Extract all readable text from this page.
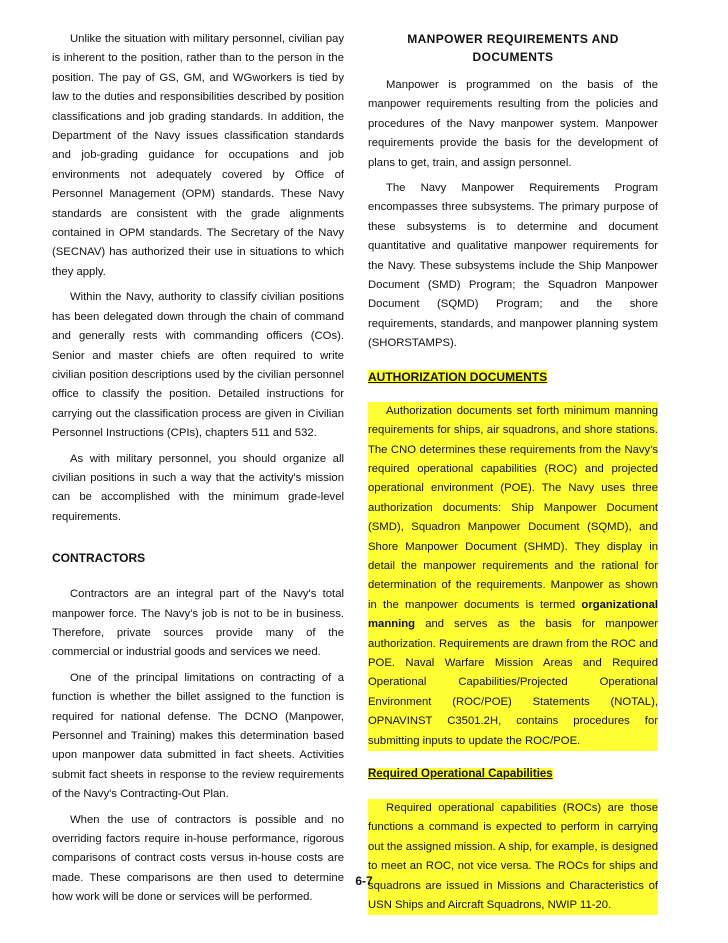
Unlike the situation with military personnel, civilian pay is inherent to the position, rather than to the person in the position. The pay of GS, GM, and WGworkers is tied by law to the duties and responsibilities described by position classifications and job grading standards. In addition, the Department of the Navy issues classification standards and job-grading guidance for occupations and job environments not adequately covered by Office of Personnel Management (OPM) standards. These Navy standards are consistent with the grade alignments contained in OPM standards. The Secretary of the Navy (SECNAV) has authorized their use in situations to which they apply.

Within the Navy, authority to classify civilian positions has been delegated down through the chain of command and generally rests with commanding officers (COs). Senior and master chiefs are often required to write civilian position descriptions used by the civilian personnel office to classify the position. Detailed instructions for carrying out the classification process are given in Civilian Personnel Instructions (CPIs), chapters 511 and 532.

As with military personnel, you should organize all civilian positions in such a way that the activity's mission can be accomplished with the minimum grade-level requirements.

CONTRACTORS

Contractors are an integral part of the Navy's total manpower force. The Navy's job is not to be in business. Therefore, private sources provide many of the commercial or industrial goods and services we need.

One of the principal limitations on contracting of a function is whether the billet assigned to the function is required for national defense. The DCNO (Manpower, Personnel and Training) makes this determination based upon manpower data submitted in fact sheets. Activities submit fact sheets in response to the review requirements of the Navy's Contracting-Out Plan.

When the use of contractors is possible and no overriding factors require in-house performance, rigorous comparisons of contract costs versus in-house costs are made. These comparisons are then used to determine how work will be done or services will be performed.

MANPOWER REQUIREMENTS AND DOCUMENTS

Manpower is programmed on the basis of the manpower requirements resulting from the policies and procedures of the Navy manpower system. Manpower requirements provide the basis for the development of plans to get, train, and assign personnel.

The Navy Manpower Requirements Program encompasses three subsystems. The primary purpose of these subsystems is to determine and document quantitative and qualitative manpower requirements for the Navy. These subsystems include the Ship Manpower Document (SMD) Program; the Squadron Manpower Document (SQMD) Program; and the shore requirements, standards, and manpower planning system (SHORSTAMPS).

AUTHORIZATION DOCUMENTS

Authorization documents set forth minimum manning requirements for ships, air squadrons, and shore stations. The CNO determines these requirements from the Navy's required operational capabilities (ROC) and projected operational environment (POE). The Navy uses three authorization documents: Ship Manpower Document (SMD), Squadron Manpower Document (SQMD), and Shore Manpower Document (SHMD). They display in detail the manpower requirements and the rational for determination of the requirements. Manpower as shown in the manpower documents is termed organizational manning and serves as the basis for manpower authorization. Requirements are drawn from the ROC and POE. Naval Warfare Mission Areas and Required Operational Capabilities/Projected Operational Environment (ROC/POE) Statements (NOTAL), OPNAVINST C3501.2H, contains procedures for submitting inputs to update the ROC/POE.

Required Operational Capabilities

Required operational capabilities (ROCs) are those functions a command is expected to perform in carrying out the assigned mission. A ship, for example, is designed to meet an ROC, not vice versa. The ROCs for ships and squadrons are issued in Missions and Characteristics of USN Ships and Aircraft Squadrons, NWIP 11-20.

6-7
